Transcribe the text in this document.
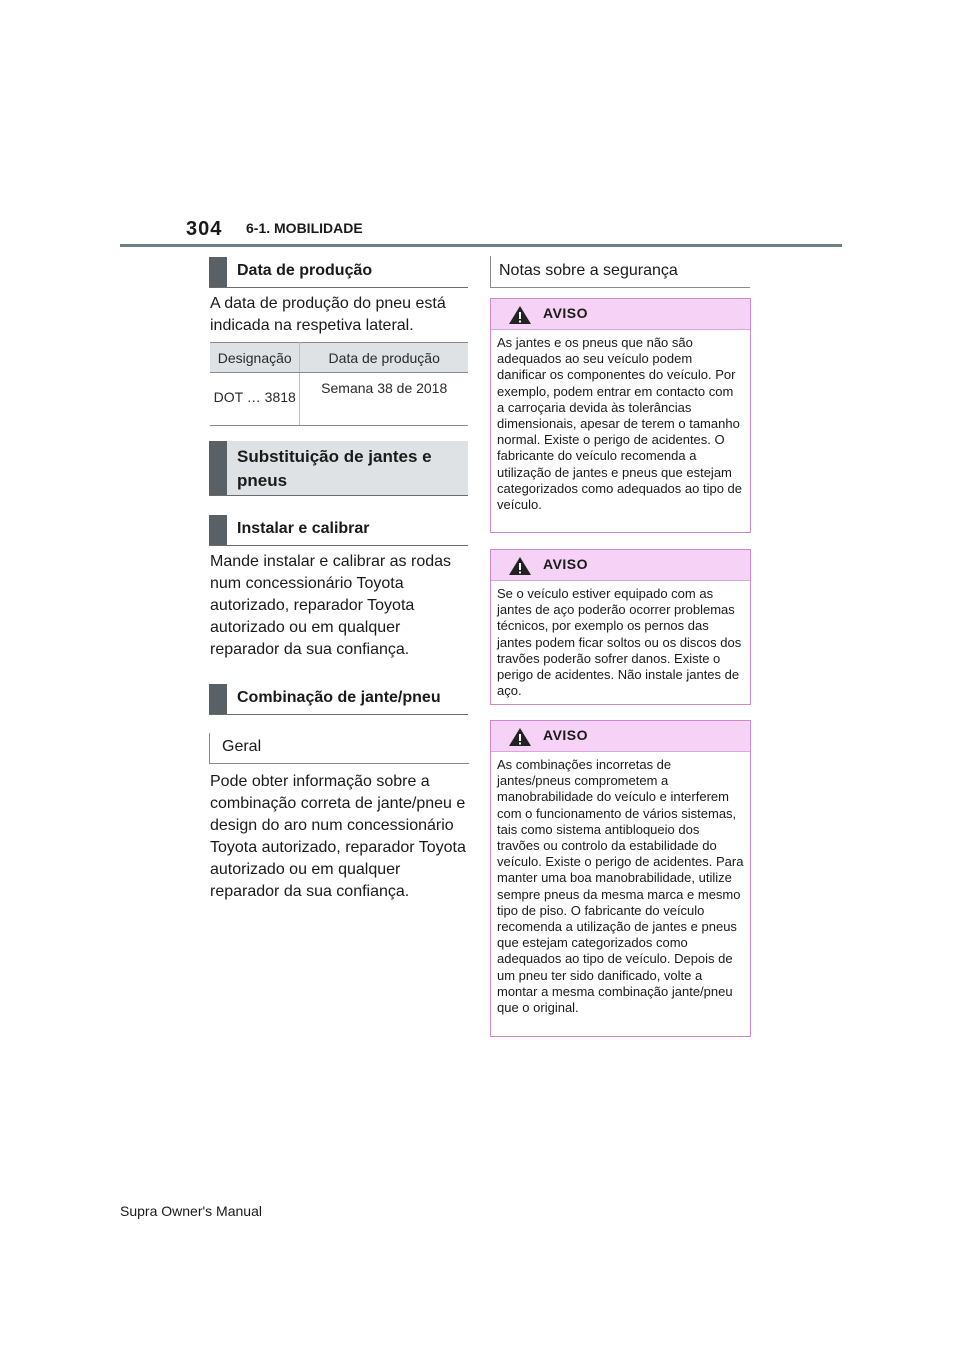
304 6-1. MOBILIDADE
Data de produção
A data de produção do pneu está indicada na respetiva lateral.
Designação	Data de produção
DOT … 3818	Semana 38 de 2018
Substituição de jantes e pneus
Instalar e calibrar
Mande instalar e calibrar as rodas num concessionário Toyota autorizado, reparador Toyota autorizado ou em qualquer reparador da sua confiança.
Combinação de jante/pneu
Geral
Pode obter informação sobre a combinação correta de jante/pneu e design do aro num concessionário Toyota autorizado, reparador Toyota autorizado ou em qualquer reparador da sua confiança.
Notas sobre a segurança
AVISO
As jantes e os pneus que não são adequados ao seu veículo podem danificar os componentes do veículo. Por exemplo, podem entrar em contacto com a carroçaria devida às tolerâncias dimensionais, apesar de terem o tamanho normal. Existe o perigo de acidentes. O fabricante do veículo recomenda a utilização de jantes e pneus que estejam categorizados como adequados ao tipo de veículo.
AVISO
Se o veículo estiver equipado com as jantes de aço poderão ocorrer problemas técnicos, por exemplo os pernos das jantes podem ficar soltos ou os discos dos travões poderão sofrer danos. Existe o perigo de acidentes. Não instale jantes de aço.
AVISO
As combinações incorretas de jantes/pneus comprometem a manobrabilidade do veículo e interferem com o funcionamento de vários sistemas, tais como sistema antibloqueio dos travões ou controlo da estabilidade do veículo. Existe o perigo de acidentes. Para manter uma boa manobrabilidade, utilize sempre pneus da mesma marca e mesmo tipo de piso. O fabricante do veículo recomenda a utilização de jantes e pneus que estejam categorizados como adequados ao tipo de veículo. Depois de um pneu ter sido danificado, volte a montar a mesma combinação jante/pneu que o original.
Supra Owner's Manual
